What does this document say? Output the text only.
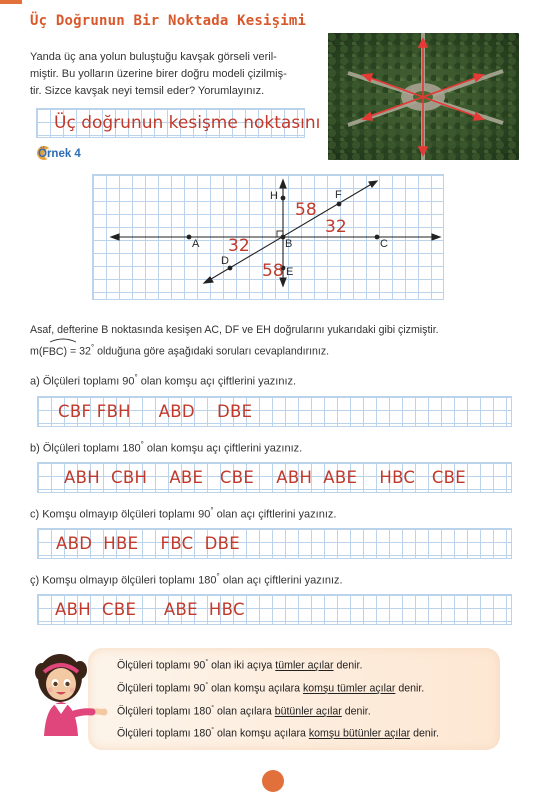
Üç Doğrunun Bir Noktada Kesişimi
Yanda üç ana yolun buluştuğu kavşak görseli veril-
miştir. Bu yolların üzerine birer doğru modeli çizilmiş-
tir. Sizce kavşak neyi temsil eder? Yorumlayınız.
Üç doğrunun kesişme noktasını
Örnek 4
A	B	C
H
E
F
D
58
32
32
58
Asaf, defterine B noktasında kesişen AC, DF ve EH doğrularını yukarıdaki gibi çizmiştir.
m(FBC) = 32° olduğuna göre aşağıdaki soruları cevaplandırınız.
a) Ölçüleri toplamı 90° olan komşu açı çiftlerini yazınız.
CBF FBH     ABD    DBE
b) Ölçüleri toplamı 180° olan komşu açı çiftlerini yazınız.
ABH  CBH    ABE   CBE    ABH  ABE    HBC   CBE
c) Komşu olmayıp ölçüleri toplamı 90° olan açı çiftlerini yazınız.
ABD  HBE    FBC  DBE
ç) Komşu olmayıp ölçüleri toplamı 180° olan açı çiftlerini yazınız.
ABH  CBE     ABE  HBC
Ölçüleri toplamı 90° olan iki açıya tümler açılar denir.
Ölçüleri toplamı 90° olan komşu açılara komşu tümler açılar denir.
Ölçüleri toplamı 180° olan açılara bütünler açılar denir.
Ölçüleri toplamı 180° olan komşu açılara komşu bütünler açılar denir.
